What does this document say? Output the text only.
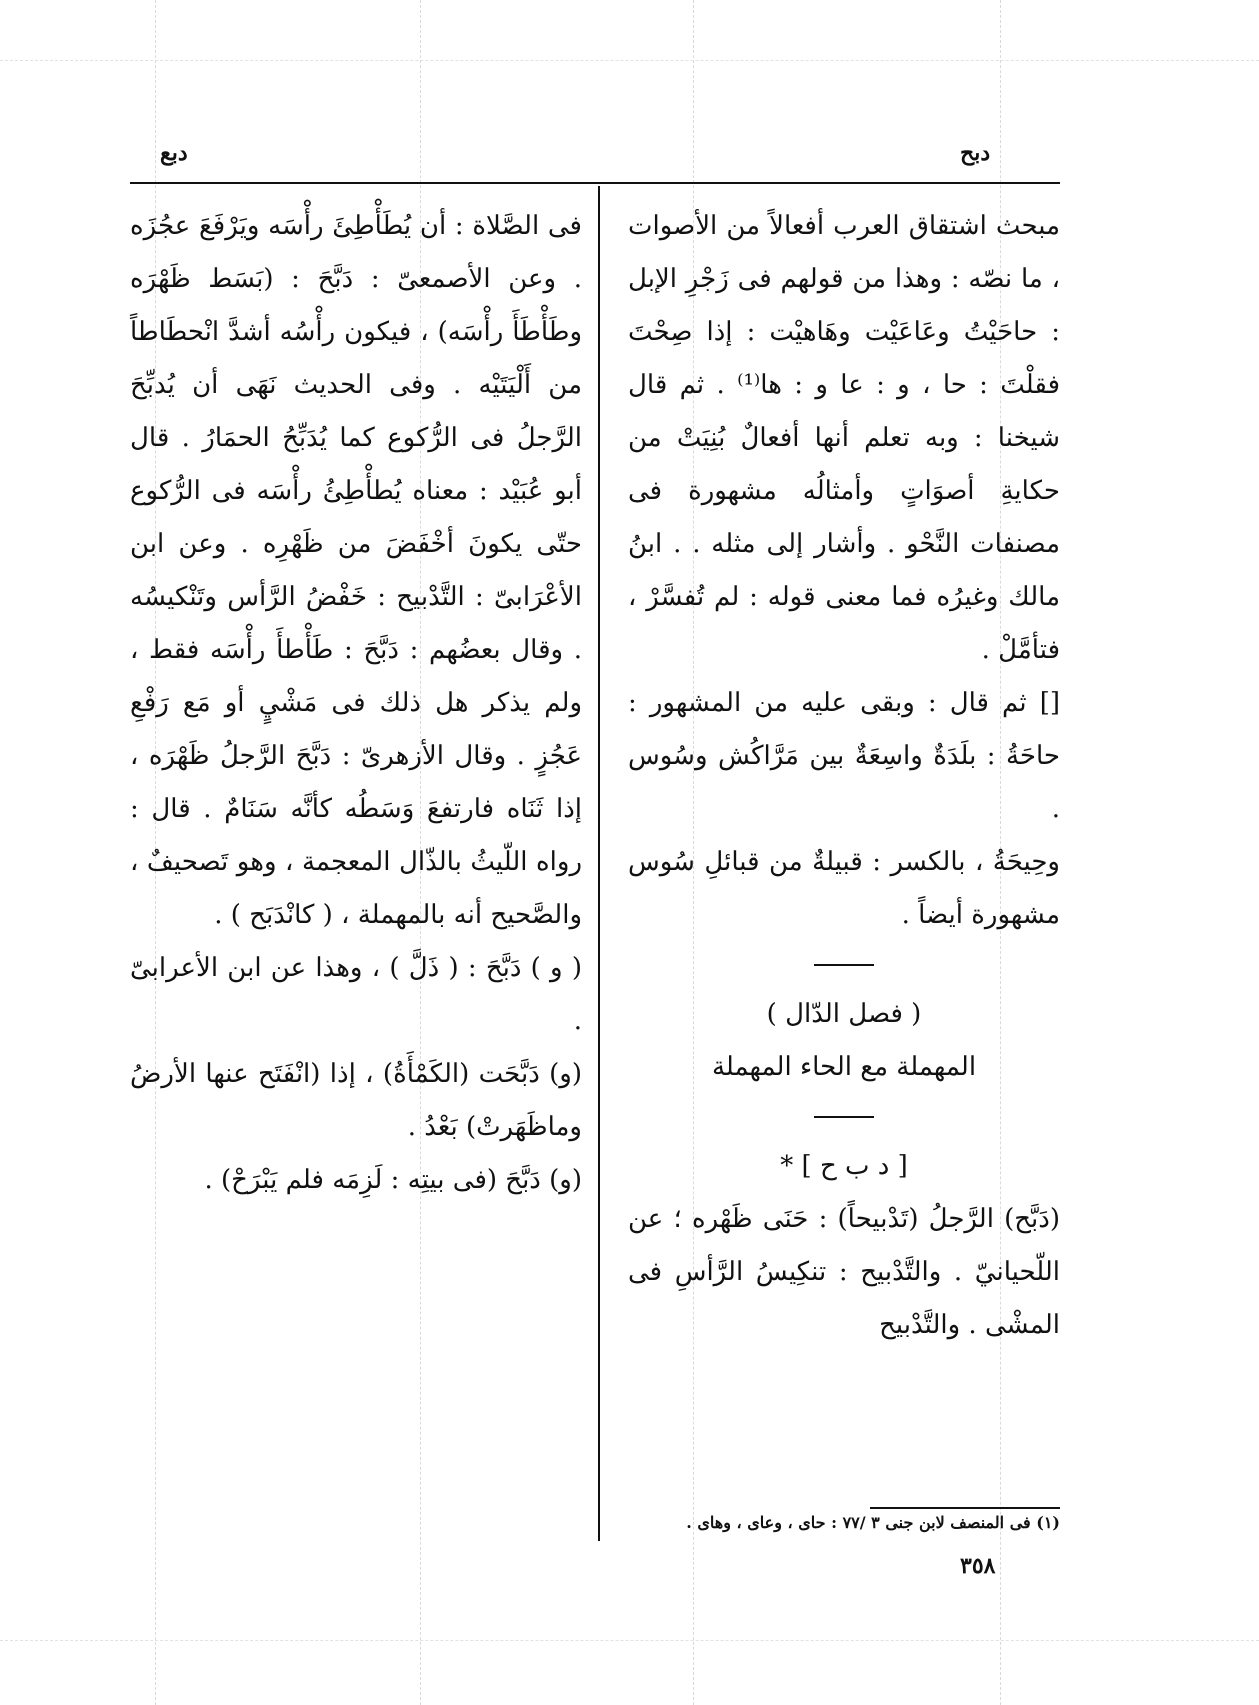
دبح
دبع

مبحث اشتقاق العرب أفعالاً من الأصوات ، ما نصّه : وهذا من قولهم فى زَجْرِ الإبل : حاحَيْتُ وعَاعَيْت وهَاهيْت : إذا صِحْتَ فقلْتَ : حا ، و : عا و : ها⁽¹⁾ . ثم قال شيخنا : وبه تعلم أنها أفعالٌ بُنِيَتْ من حكايةِ أصوَاتٍ وأمثالُه مشهورة فى مصنفات النَّحْو . وأشار إلى مثله . . ابنُ مالك وغيرُه فما معنى قوله : لم تُفسَّرْ ، فتأمَّلْ .

[] ثم قال : وبقى عليه من المشهور : حاحَةُ : بلَدَةٌ واسِعَةٌ بين مَرَّاكُش وسُوس .

وحِيحَةُ ، بالكسر : قبيلةٌ من قبائلِ سُوس مشهورة أيضاً .

( فصل الدّال )

المهملة مع الحاء المهملة

[ د ب ح ] *

(دَبَّح) الرَّجلُ (تَدْبيحاً) : حَنَى ظَهْره ؛ عن اللّحيانيّ . والتَّدْبيح : تنكِيسُ الرَّأسِ فى المشْى . والتَّدْبيح

فى الصَّلاة : أن يُطَأْطِئَ رأْسَه ويَرْفَعَ عجُزَه . وعن الأصمعىّ : دَبَّحَ : (بَسَط ظَهْرَه وطَأْطَأَ رأْسَه) ، فيكون رأْسُه أشدَّ انْحطَاطاً من أَلْيَتَيْه . وفى الحديث نَهَى أن يُدبِّحَ الرَّجلُ فى الرُّكوع كما يُدَبِّحُ الحمَارُ . قال أبو عُبَيْد : معناه يُطأْطِئُ رأْسَه فى الرُّكوع حتّى يكونَ أخْفَضَ من ظَهْرِه . وعن ابن الأعْرَابىّ : التَّدْبيح : خَفْضُ الرَّأس وتَنْكيسُه . وقال بعضُهم : دَبَّحَ : طَأْطأَ رأْسَه فقط ، ولم يذكر هل ذلك فى مَشْيٍ أو مَع رَفْعِ عَجُزٍ . وقال الأزهرىّ : دَبَّحَ الرَّجلُ ظَهْرَه ، إذا ثَنَاه فارتفعَ وَسَطُه كأنَّه سَنَامٌ . قال : رواه اللّيثُ بالذّال المعجمة ، وهو تَصحيفٌ ، والصَّحيح أنه بالمهملة ، ( كانْدَبَح ) .

( و ) دَبَّحَ : ( ذَلَّ ) ، وهذا عن ابن الأعرابىّ .

(و) دَبَّحَت (الكَمْأَةُ) ، إذا (انْفَتَح عنها الأرضُ وماظَهَرتْ) بَعْدُ .

(و) دَبَّحَ (فى بيتِه : لَزِمَه فلم يَبْرَحْ) .

(١) فى المنصف لابن جنى ٣ /٧٧ : حاى ، وعاى ، وهاى .
٣٥٨
